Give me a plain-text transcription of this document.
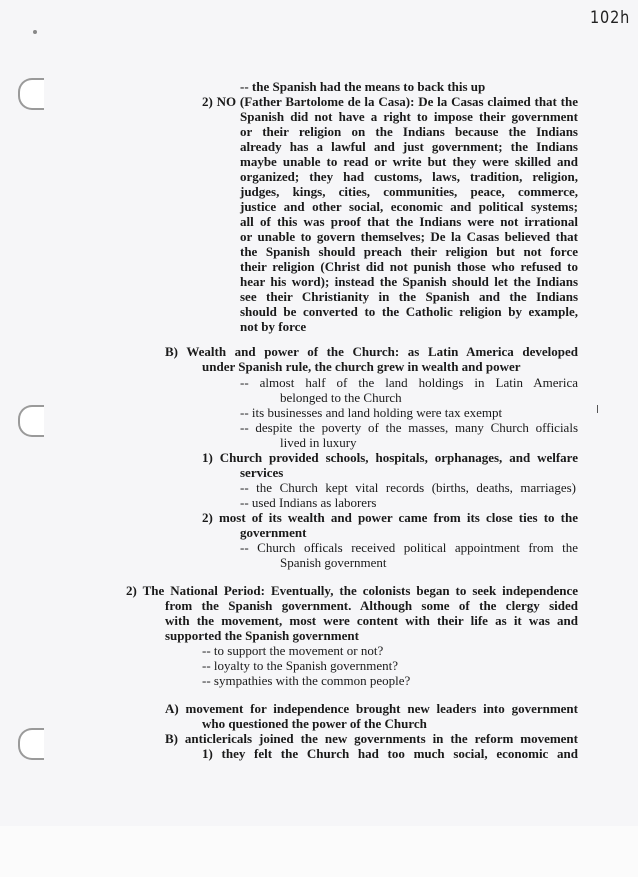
102h
-- the Spanish had the means to back this up
2) NO (Father Bartolome de la Casa): De la Casas claimed that the
Spanish did not have a right to impose their government
or their religion on the Indians because the Indians
already has a lawful and just government; the Indians
maybe unable to read or write but they were skilled and
organized; they had customs, laws, tradition, religion,
judges, kings, cities, communities, peace, commerce,
justice and other social, economic and political systems;
all of this was proof that the Indians were not irrational
or unable to govern themselves; De la Casas believed that
the Spanish should preach their religion but not force
their religion (Christ did not punish those who refused to
hear his word); instead the Spanish should let the Indians
see their Christianity in the Spanish and the Indians
should be converted to the Catholic religion by example,
not by force
B) Wealth and power of the Church: as Latin America developed
under Spanish rule, the church grew in wealth and power
-- almost half of the land holdings in Latin America
belonged to the Church
-- its businesses and land holding were tax exempt
-- despite the poverty of the masses, many Church officials
lived in luxury
1) Church provided schools, hospitals, orphanages, and welfare
services
-- the Church kept vital records (births, deaths, marriages)
-- used Indians as laborers
2) most of its wealth and power came from its close ties to the
government
-- Church officals received political appointment from the
Spanish government
2) The National Period: Eventually, the colonists began to seek independence
from the Spanish government. Although some of the clergy sided
with the movement, most were content with their life as it was and
supported the Spanish government
-- to support the movement or not?
-- loyalty to the Spanish government?
-- sympathies with the common people?
A) movement for independence brought new leaders into government
who questioned the power of the Church
B) anticlericals joined the new governments in the reform movement
1) they felt the Church had too much social, economic and
